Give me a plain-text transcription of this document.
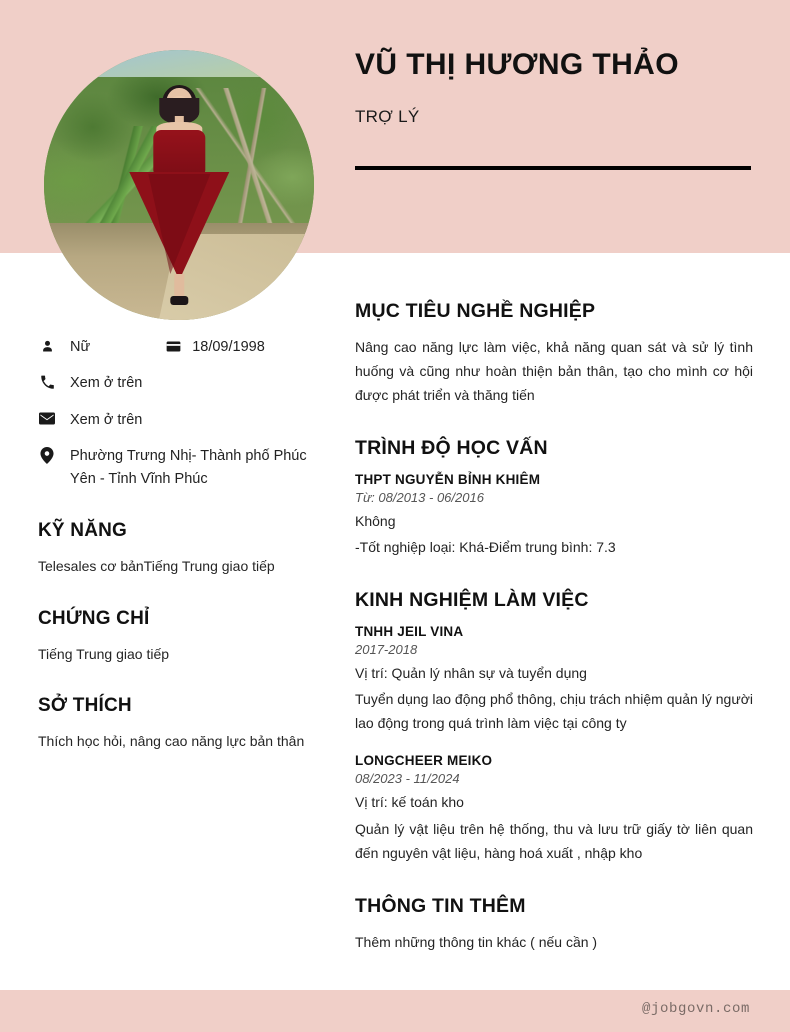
VŨ THỊ HƯƠNG THẢO
TRỢ LÝ
Nữ	18/09/1998
Xem ở trên
Xem ở trên
Phường Trưng Nhị- Thành phố Phúc Yên - Tỉnh Vĩnh Phúc
KỸ NĂNG
Telesales cơ bảnTiếng Trung giao tiếp
CHỨNG CHỈ
Tiếng Trung giao tiếp
SỞ THÍCH
Thích học hỏi, nâng cao năng lực bản thân
MỤC TIÊU NGHỀ NGHIỆP
Nâng cao năng lực làm việc, khả năng quan sát và sử lý tình huống và cũng như hoàn thiện bản thân, tạo cho mình cơ hội được phát triển và thăng tiến
TRÌNH ĐỘ HỌC VẤN
THPT NGUYỄN BỈNH KHIÊM
Từ: 08/2013 - 06/2016
Không
-Tốt nghiệp loại: Khá-Điểm trung bình: 7.3
KINH NGHIỆM LÀM VIỆC
TNHH JEIL VINA
2017-2018
Vị trí: Quản lý nhân sự và tuyển dụng
Tuyển dụng lao động phổ thông, chịu trách nhiệm quản lý người lao động trong quá trình làm việc tại công ty
LONGCHEER MEIKO
08/2023 - 11/2024
Vị trí: kế toán kho
Quản lý vật liệu trên hệ thống, thu và lưu trữ giấy tờ liên quan đến nguyên vật liệu, hàng hoá xuất , nhập kho
THÔNG TIN THÊM
Thêm những thông tin khác ( nếu cần )
@jobgovn.com
